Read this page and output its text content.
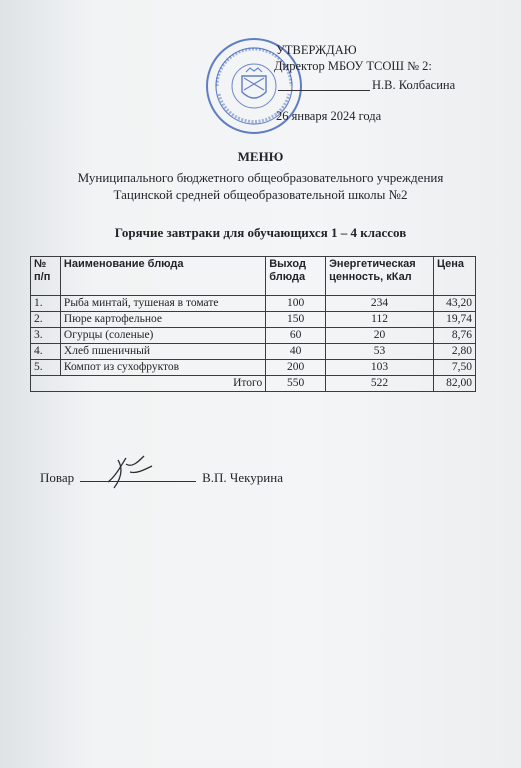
УТВЕРЖДАЮ
Директор МБОУ ТСОШ № 2:
Н.В. Колбасина
26 января 2024 года
МЕНЮ
Муниципального бюджетного общеобразовательного учреждения
Тацинской средней общеобразовательной школы №2
Горячие завтраки для обучающихся 1 – 4 классов
№ п/п	Наименование блюда	Выход блюда	Энергетическая ценность, кКал	Цена
1.	Рыба минтай, тушеная в томате	100	234	43,20
2.	Пюре картофельное	150	112	19,74
3.	Огурцы (соленые)	60	20	8,76
4.	Хлеб пшеничный	40	53	2,80
5.	Компот из сухофруктов	200	103	7,50
Итого		550	522	82,00
Повар	В.П. Чекурина
